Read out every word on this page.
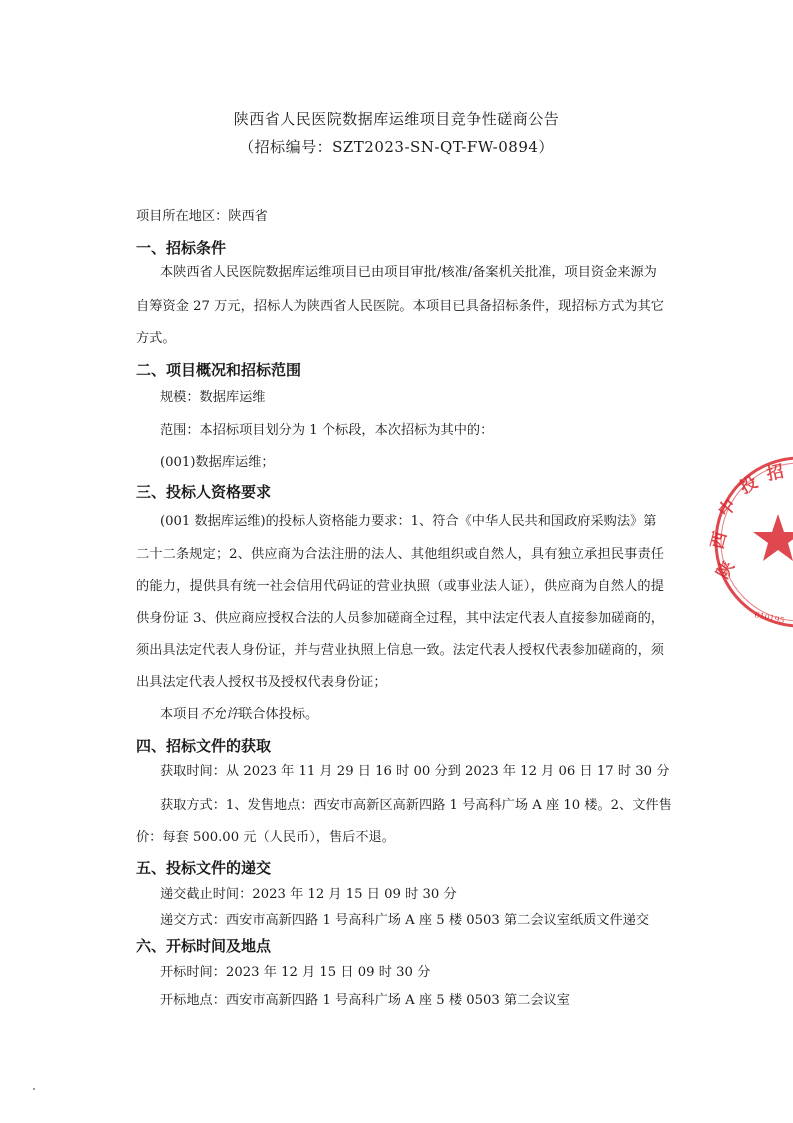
陕西省人民医院数据库运维项目竞争性磋商公告
（招标编号：SZT2023-SN-QT-FW-0894）
项目所在地区：陕西省
一、招标条件
本陕西省人民医院数据库运维项目已由项目审批/核准/备案机关批准，项目资金来源为
自筹资金 27 万元，招标人为陕西省人民医院。本项目已具备招标条件，现招标方式为其它
方式。
二、项目概况和招标范围
规模：数据库运维
范围：本招标项目划分为 1 个标段，本次招标为其中的：
(001)数据库运维；
三、投标人资格要求
(001 数据库运维)的投标人资格能力要求：1、符合《中华人民共和国政府采购法》第
二十二条规定；2、供应商为合法注册的法人、其他组织或自然人，具有独立承担民事责任
的能力，提供具有统一社会信用代码证的营业执照（或事业法人证），供应商为自然人的提
供身份证 3、供应商应授权合法的人员参加磋商全过程，其中法定代表人直接参加磋商的，
须出具法定代表人身份证，并与营业执照上信息一致。法定代表人授权代表参加磋商的，须
出具法定代表人授权书及授权代表身份证；
本项目不允许联合体投标。
四、招标文件的获取
获取时间：从 2023 年 11 月 29 日 16 时 00 分到 2023 年 12 月 06 日 17 时 30 分
获取方式：1、发售地点：西安市高新区高新四路 1 号高科广场 A 座 10 楼。2、文件售
价：每套 500.00 元（人民币），售后不退。
五、投标文件的递交
递交截止时间：2023 年 12 月 15 日 09 时 30 分
递交方式：西安市高新四路 1 号高科广场 A 座 5 楼 0503 第二会议室纸质文件递交
六、开标时间及地点
开标时间：2023 年 12 月 15 日 09 时 30 分
开标地点：西安市高新四路 1 号高科广场 A 座 5 楼 0503 第二会议室
陕
西
中
投 招
610195
